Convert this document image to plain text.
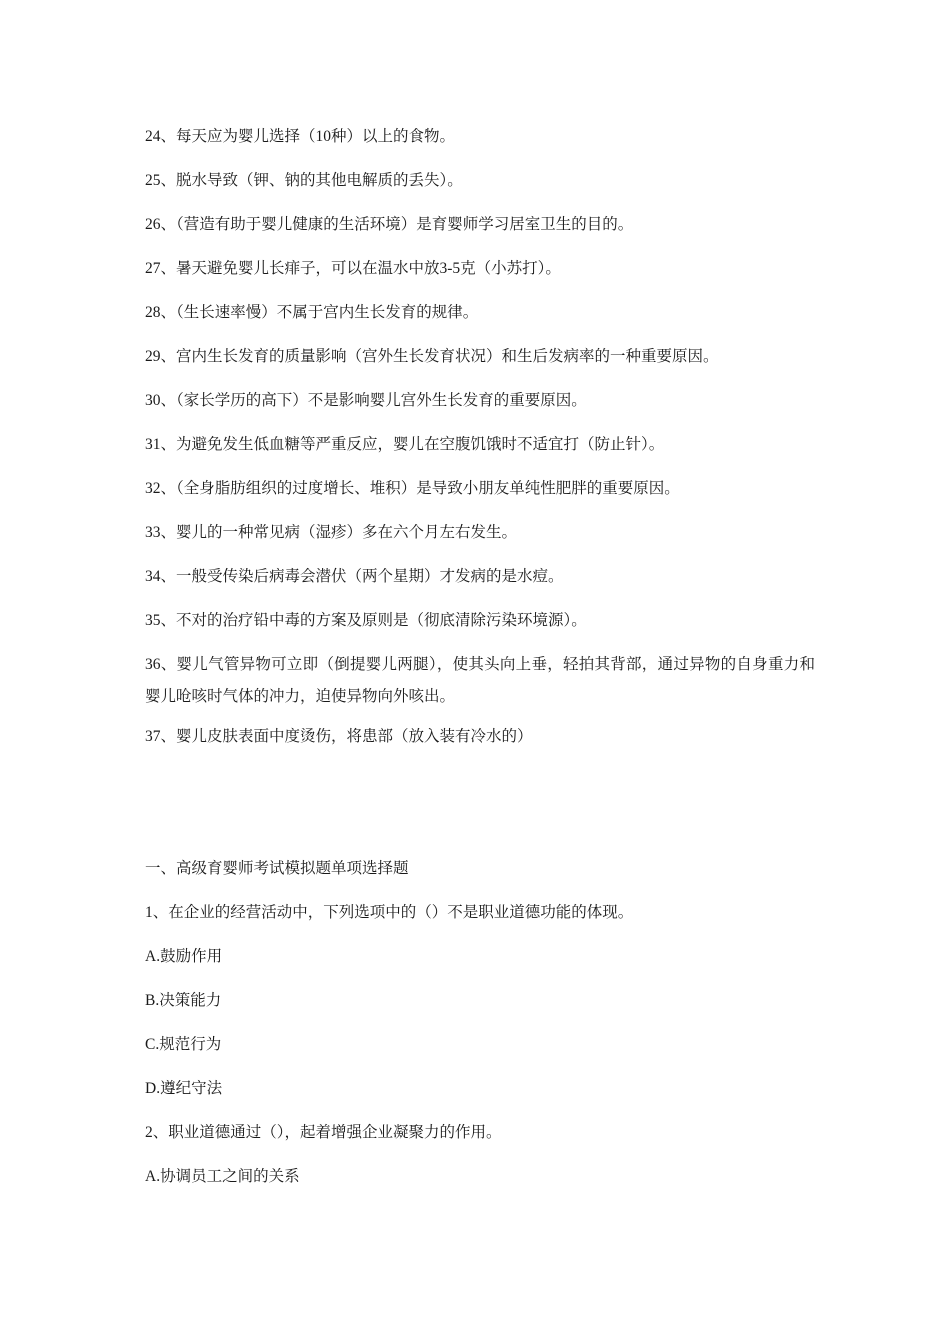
24、每天应为婴儿选择（10种）以上的食物。
25、脱水导致（钾、钠的其他电解质的丢失）。
26、（营造有助于婴儿健康的生活环境）是育婴师学习居室卫生的目的。
27、暑天避免婴儿长痱子，可以在温水中放3-5克（小苏打）。
28、（生长速率慢）不属于宫内生长发育的规律。
29、宫内生长发育的质量影响（宫外生长发育状况）和生后发病率的一种重要原因。
30、（家长学历的高下）不是影响婴儿宫外生长发育的重要原因。
31、为避免发生低血糖等严重反应，婴儿在空腹饥饿时不适宜打（防止针）。
32、（全身脂肪组织的过度增长、堆积）是导致小朋友单纯性肥胖的重要原因。
33、婴儿的一种常见病（湿疹）多在六个月左右发生。
34、一般受传染后病毒会潜伏（两个星期）才发病的是水痘。
35、不对的治疗铅中毒的方案及原则是（彻底清除污染环境源）。
36、婴儿气管异物可立即（倒提婴儿两腿），使其头向上垂，轻拍其背部，通过异物的自身重力和婴儿呛咳时气体的冲力，迫使异物向外咳出。
37、婴儿皮肤表面中度烫伤，将患部（放入装有冷水的）
一、高级育婴师考试模拟题单项选择题
1、在企业的经营活动中，下列选项中的（）不是职业道德功能的体现。
A.鼓励作用
B.决策能力
C.规范行为
D.遵纪守法
2、职业道德通过（），起着增强企业凝聚力的作用。
A.协调员工之间的关系
